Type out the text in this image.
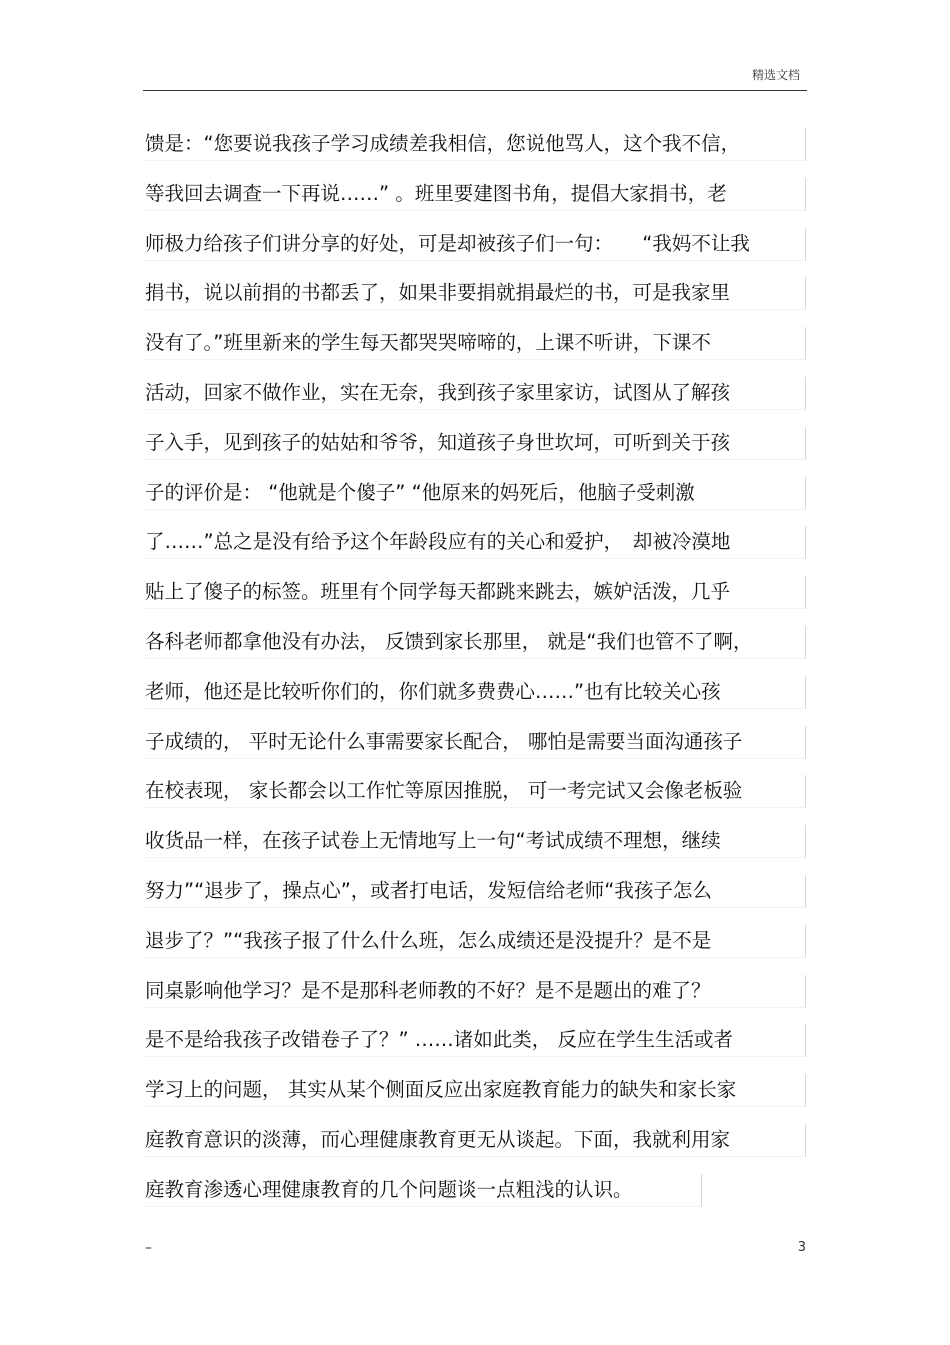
精选文档
馈是：“您要说我孩子学习成绩差我相信，您说他骂人，这个我不信，
等我回去调查一下再说……” 。班里要建图书角，提倡大家捐书，老
师极力给孩子们讲分享的好处，可是却被孩子们一句：　　“我妈不让我
捐书，说以前捐的书都丢了，如果非要捐就捐最烂的书，可是我家里
没有了。”班里新来的学生每天都哭哭啼啼的，上课不听讲，下课不
活动，回家不做作业，实在无奈，我到孩子家里家访，试图从了解孩
子入手，见到孩子的姑姑和爷爷，知道孩子身世坎坷，可听到关于孩
子的评价是： “他就是个傻子” “他原来的妈死后，他脑子受刺激
了……”总之是没有给予这个年龄段应有的关心和爱护，　却被冷漠地
贴上了傻子的标签。班里有个同学每天都跳来跳去，嫉妒活泼，几乎
各科老师都拿他没有办法， 反馈到家长那里， 就是“我们也管不了啊，
老师，他还是比较听你们的，你们就多费费心……”也有比较关心孩
子成绩的， 平时无论什么事需要家长配合， 哪怕是需要当面沟通孩子
在校表现， 家长都会以工作忙等原因推脱， 可一考完试又会像老板验
收货品一样，在孩子试卷上无情地写上一句“考试成绩不理想，继续
努力”“退步了，操点心”，或者打电话，发短信给老师“我孩子怎么
退步了？”“我孩子报了什么什么班，怎么成绩还是没提升？是不是
同桌影响他学习？是不是那科老师教的不好？是不是题出的难了？
是不是给我孩子改错卷子了？” ……诸如此类， 反应在学生生活或者
学习上的问题， 其实从某个侧面反应出家庭教育能力的缺失和家长家
庭教育意识的淡薄，而心理健康教育更无从谈起。下面，我就利用家
庭教育渗透心理健康教育的几个问题谈一点粗浅的认识。
–	3
